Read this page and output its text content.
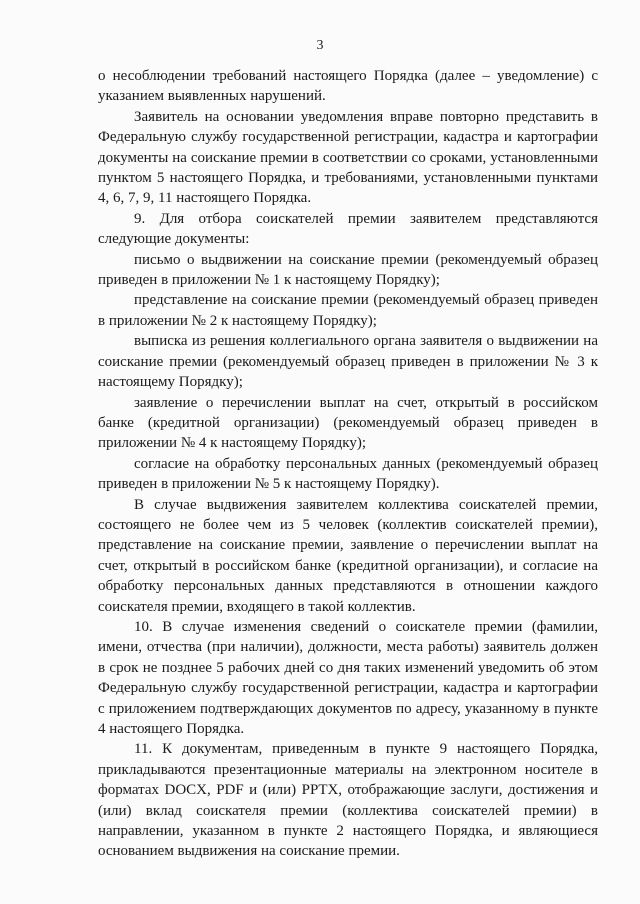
3

о несоблюдении требований настоящего Порядка (далее – уведомление) с указанием выявленных нарушений.

Заявитель на основании уведомления вправе повторно представить в Федеральную службу государственной регистрации, кадастра и картографии документы на соискание премии в соответствии со сроками, установленными пунктом 5 настоящего Порядка, и требованиями, установленными пунктами 4, 6, 7, 9, 11 настоящего Порядка.

9. Для отбора соискателей премии заявителем представляются следующие документы:

письмо о выдвижении на соискание премии (рекомендуемый образец приведен в приложении № 1 к настоящему Порядку);

представление на соискание премии (рекомендуемый образец приведен в приложении № 2 к настоящему Порядку);

выписка из решения коллегиального органа заявителя о выдвижении на соискание премии (рекомендуемый образец приведен в приложении № 3 к настоящему Порядку);

заявление о перечислении выплат на счет, открытый в российском банке (кредитной организации) (рекомендуемый образец приведен в приложении № 4 к настоящему Порядку);

согласие на обработку персональных данных (рекомендуемый образец приведен в приложении № 5 к настоящему Порядку).

В случае выдвижения заявителем коллектива соискателей премии, состоящего не более чем из 5 человек (коллектив соискателей премии), представление на соискание премии, заявление о перечислении выплат на счет, открытый в российском банке (кредитной организации), и согласие на обработку персональных данных представляются в отношении каждого соискателя премии, входящего в такой коллектив.

10. В случае изменения сведений о соискателе премии (фамилии, имени, отчества (при наличии), должности, места работы) заявитель должен в срок не позднее 5 рабочих дней со дня таких изменений уведомить об этом Федеральную службу государственной регистрации, кадастра и картографии с приложением подтверждающих документов по адресу, указанному в пункте 4 настоящего Порядка.

11. К документам, приведенным в пункте 9 настоящего Порядка, прикладываются презентационные материалы на электронном носителе в форматах DOCX, PDF и (или) PPTX, отображающие заслуги, достижения и (или) вклад соискателя премии (коллектива соискателей премии) в направлении, указанном в пункте 2 настоящего Порядка, и являющиеся основанием выдвижения на соискание премии.
